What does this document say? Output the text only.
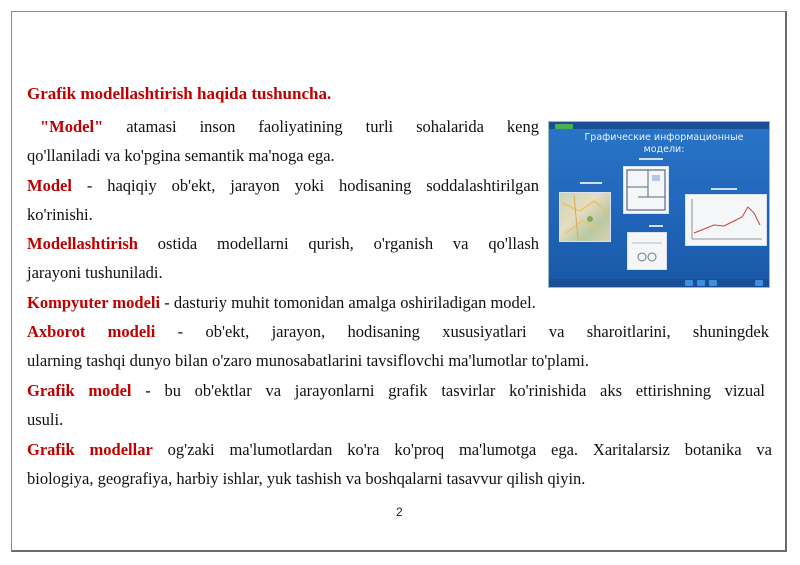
Grafik modellashtirish haqida tushuncha.
"Model" atamasi inson faoliyatining turli sohalarida keng
qo'llaniladi va ko'pgina semantik ma'noga ega.
Model - haqiqiy ob'ekt, jarayon yoki hodisaning soddalashtirilgan
ko'rinishi.
Modellashtirish ostida modellarni qurish, o'rganish va qo'llash
jarayoni tushuniladi.
Kompyuter modeli - dasturiy muhit tomonidan amalga oshiriladigan model.
Axborot modeli - ob'ekt, jarayon, hodisaning xususiyatlari va sharoitlarini, shuningdek
ularning tashqi dunyo bilan o'zaro munosabatlarini tavsiflovchi ma'lumotlar to'plami.
Grafik model - bu ob'ektlar va jarayonlarni grafik tasvirlar ko'rinishida aks ettirishning vizual
usuli.
Grafik modellar og'zaki ma'lumotlardan ko'ra ko'proq ma'lumotga ega. Xaritalarsiz botanika va
biologiya, geografiya, harbiy ishlar, yuk tashish va boshqalarni tasavvur qilish qiyin.
Графические информационные
модели:
2
